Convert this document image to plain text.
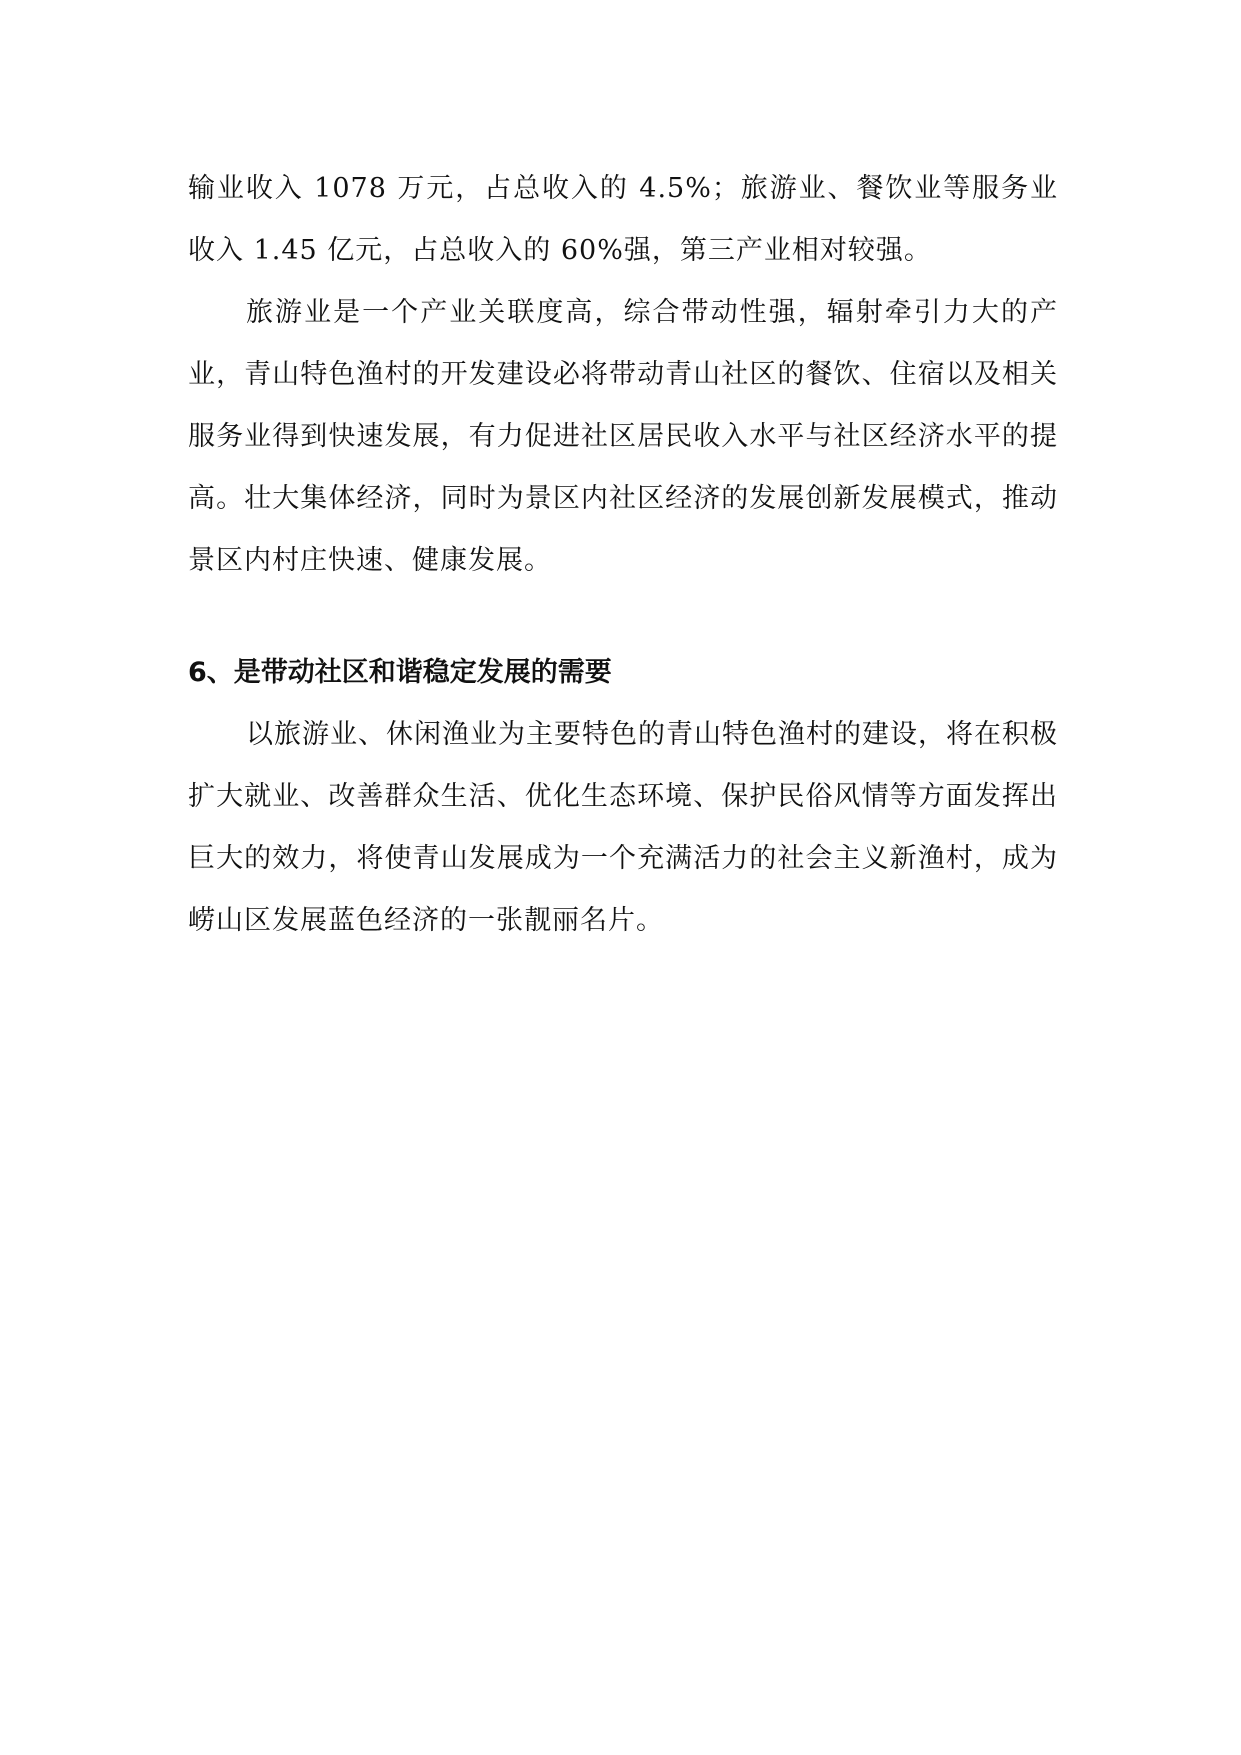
输业收入 1078 万元，占总收入的 4.5%；旅游业、餐饮业等服务业收入 1.45 亿元，占总收入的 60%强，第三产业相对较强。

旅游业是一个产业关联度高，综合带动性强，辐射牵引力大的产业，青山特色渔村的开发建设必将带动青山社区的餐饮、住宿以及相关服务业得到快速发展，有力促进社区居民收入水平与社区经济水平的提高。壮大集体经济，同时为景区内社区经济的发展创新发展模式，推动景区内村庄快速、健康发展。

6、是带动社区和谐稳定发展的需要

以旅游业、休闲渔业为主要特色的青山特色渔村的建设，将在积极扩大就业、改善群众生活、优化生态环境、保护民俗风情等方面发挥出巨大的效力，将使青山发展成为一个充满活力的社会主义新渔村，成为崂山区发展蓝色经济的一张靓丽名片。
